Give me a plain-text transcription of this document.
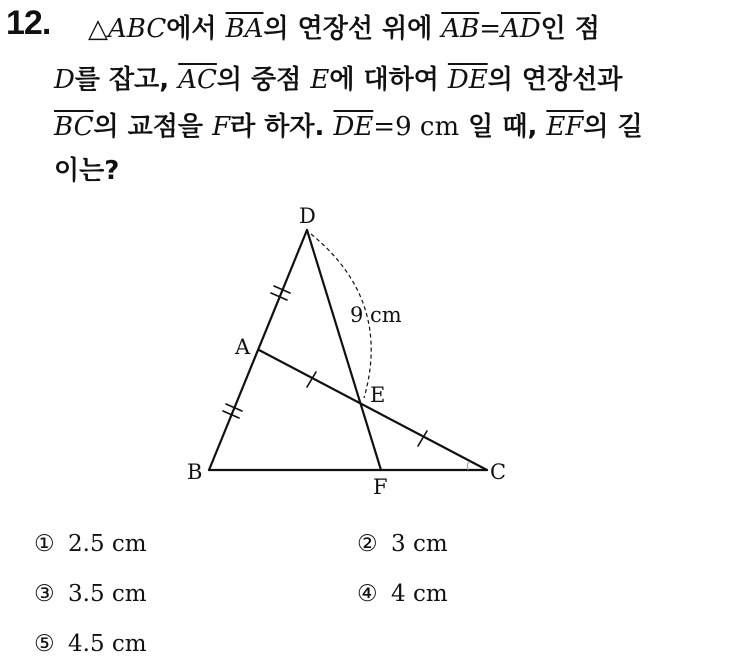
12. △ABC에서 $\overline{BA}$의 연장선 위에 $\overline{AB}=\overline{AD}$인 점
D를 잡고, $\overline{AC}$의 중점 E에 대하여 $\overline{DE}$의 연장선과
$\overline{BC}$의 교점을 F라 하자. $\overline{DE}=9$ cm 일 때, $\overline{EF}$의 길
이는?
D
A
E
B
F
C
9 cm
① 2.5 cm	② 3 cm
③ 3.5 cm	④ 4 cm
⑤ 4.5 cm
